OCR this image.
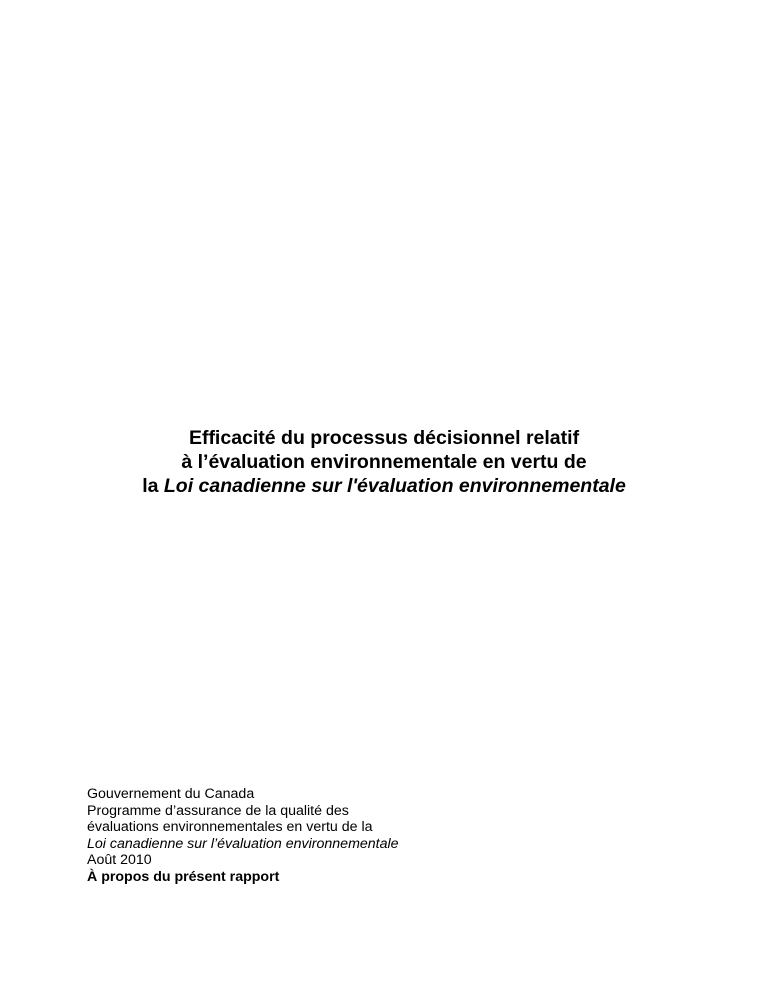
Efficacité du processus décisionnel relatif
à l’évaluation environnementale en vertu de
la Loi canadienne sur l'évaluation environnementale
Gouvernement du Canada
Programme d’assurance de la qualité des
évaluations environnementales en vertu de la
Loi canadienne sur l’évaluation environnementale
Août 2010
À propos du présent rapport
